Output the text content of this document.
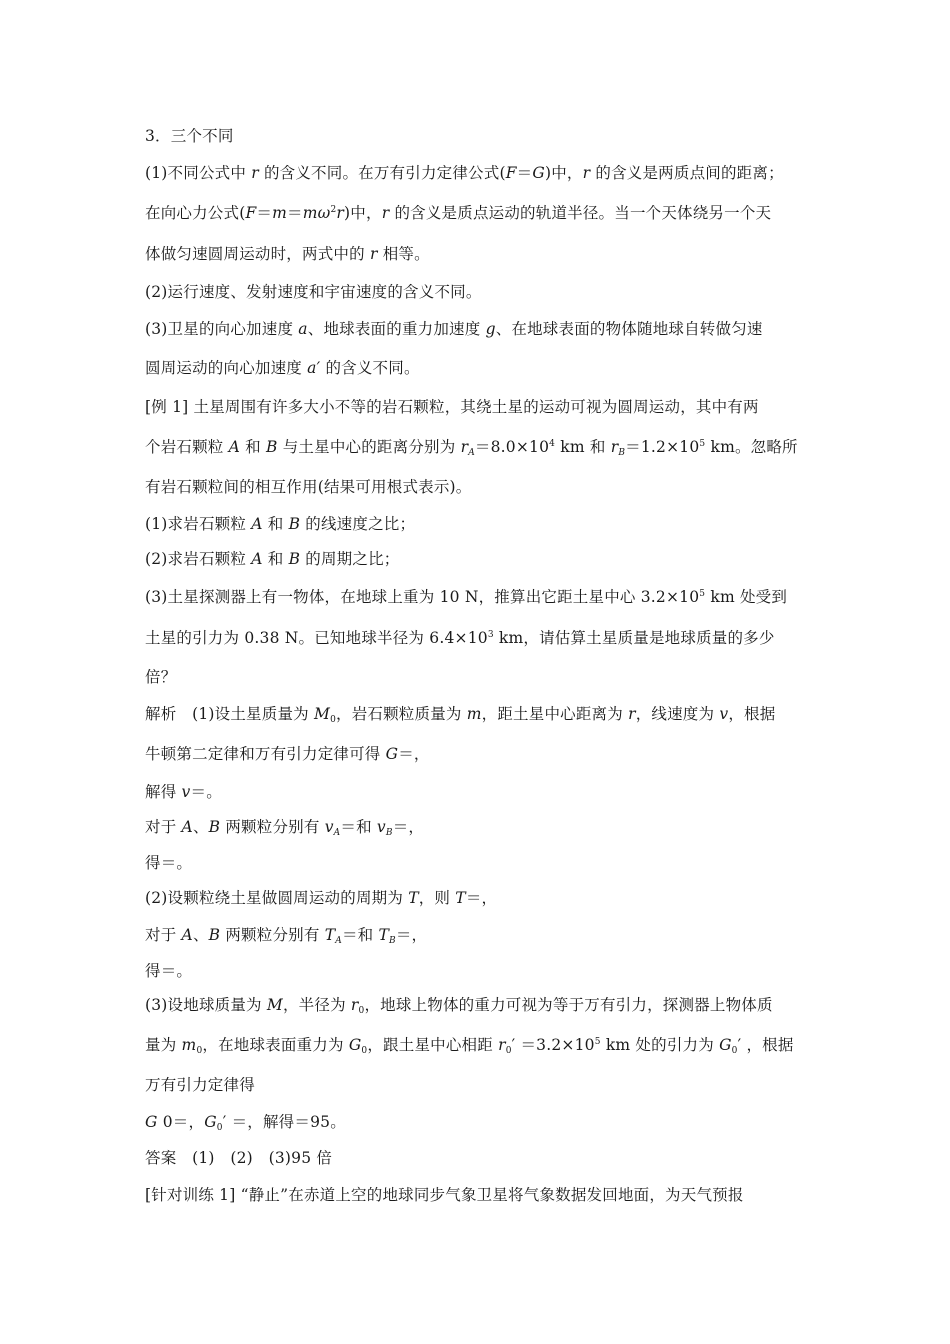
3．三个不同
(1)不同公式中 r 的含义不同。在万有引力定律公式(F＝G)中，r 的含义是两质点间的距离；
在向心力公式$(F=m=m\omega^2r)$中，r 的含义是质点运动的轨道半径。当一个天体绕另一个天
体做匀速圆周运动时，两式中的 r 相等。
(2)运行速度、发射速度和宇宙速度的含义不同。
(3)卫星的向心加速度 a、地球表面的重力加速度 g、在地球表面的物体随地球自转做匀速
圆周运动的向心加速度 a′ 的含义不同。
[例 1] 土星周围有许多大小不等的岩石颗粒，其绕土星的运动可视为圆周运动，其中有两
个岩石颗粒 A 和 B 与土星中心的距离分别为 $r_A=8.0\times 10^4$ km 和 $r_B=1.2\times 10^5$ km。忽略所
有岩石颗粒间的相互作用(结果可用根式表示)。
(1)求岩石颗粒 A 和 B 的线速度之比；
(2)求岩石颗粒 A 和 B 的周期之比；
(3)土星探测器上有一物体，在地球上重为 10 N，推算出它距土星中心 $3.2\times 10^5$ km 处受到
土星的引力为 0.38 N。已知地球半径为 $6.4\times 10^3$ km，请估算土星质量是地球质量的多少
倍？
解析　(1)设土星质量为 $M_0$，岩石颗粒质量为 m，距土星中心距离为 r，线速度为 v，根据
牛顿第二定律和万有引力定律可得 G＝，
解得 v＝。
对于 A、B 两颗粒分别有 $v_A=$和 $v_B=$，
得＝。
(2)设颗粒绕土星做圆周运动的周期为 T，则 T＝，
对于 A、B 两颗粒分别有 $T_A=$和 $T_B=$，
得＝。
(3)设地球质量为 M，半径为 $r_0$，地球上物体的重力可视为等于万有引力，探测器上物体质
量为 $m_0$，在地球表面重力为 $G_0$，跟土星中心相距 $r_0' =3.2\times 10^5$ km 处的引力为 $G_0'$ ，根据
万有引力定律得
G 0＝，$G_0'$ ＝，解得＝95。
答案　(1)　(2)　(3)95 倍
[针对训练 1] “静止”在赤道上空的地球同步气象卫星将气象数据发回地面，为天气预报
